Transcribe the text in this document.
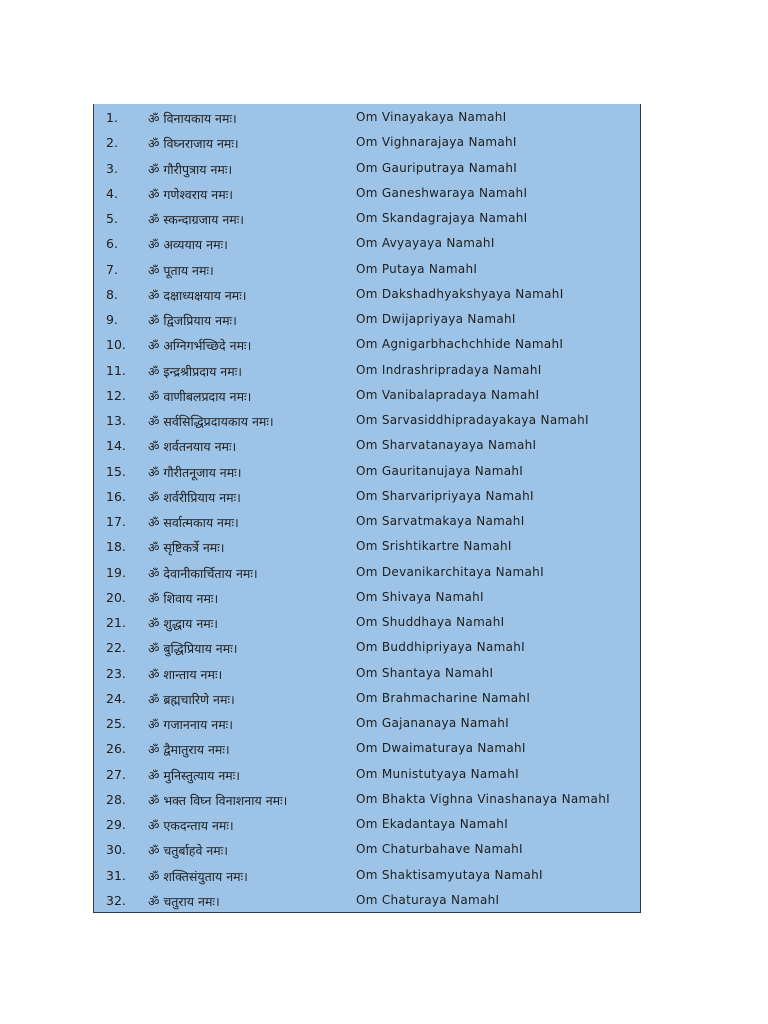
1. ॐ विनायकाय नमः।	Om Vinayakaya NamahI
2. ॐ विघ्नराजाय नमः।	Om Vighnarajaya NamahI
3. ॐ गौरीपुत्राय नमः।	Om Gauriputraya NamahI
4. ॐ गणेश्वराय नमः।	Om Ganeshwaraya NamahI
5. ॐ स्कन्दाग्रजाय नमः।	Om Skandagrajaya NamahI
6. ॐ अव्ययाय नमः।	Om Avyayaya NamahI
7. ॐ पूताय नमः।	Om Putaya NamahI
8. ॐ दक्षाध्यक्षयाय नमः।	Om Dakshadhyakshyaya NamahI
9. ॐ द्विजप्रियाय नमः।	Om Dwijapriyaya NamahI
10. ॐ अग्निगर्भच्छिदे नमः।	Om Agnigarbhachchhide NamahI
11. ॐ इन्द्रश्रीप्रदाय नमः।	Om Indrashripradaya NamahI
12. ॐ वाणीबलप्रदाय नमः।	Om Vanibalapradaya NamahI
13. ॐ सर्वसिद्धिप्रदायकाय नमः।	Om Sarvasiddhipradayakaya NamahI
14. ॐ शर्वतनयाय नमः।	Om Sharvatanayaya NamahI
15. ॐ गौरीतनूजाय नमः।	Om Gauritanujaya NamahI
16. ॐ शर्वरीप्रियाय नमः।	Om Sharvaripriyaya NamahI
17. ॐ सर्वात्मकाय नमः।	Om Sarvatmakaya NamahI
18. ॐ सृष्टिकर्त्रे नमः।	Om Srishtikartre NamahI
19. ॐ देवानीकार्चिताय नमः।	Om Devanikarchitaya NamahI
20. ॐ शिवाय नमः।	Om Shivaya NamahI
21. ॐ शुद्धाय नमः।	Om Shuddhaya NamahI
22. ॐ बुद्धिप्रियाय नमः।	Om Buddhipriyaya NamahI
23. ॐ शान्ताय नमः।	Om Shantaya NamahI
24. ॐ ब्रह्मचारिणे नमः।	Om Brahmacharine NamahI
25. ॐ गजाननाय नमः।	Om Gajananaya NamahI
26. ॐ द्वैमातुराय नमः।	Om Dwaimaturaya NamahI
27. ॐ मुनिस्तुत्याय नमः।	Om Munistutyaya NamahI
28. ॐ भक्त विघ्न विनाशनाय नमः।	Om Bhakta Vighna Vinashanaya NamahI
29. ॐ एकदन्ताय नमः।	Om Ekadantaya NamahI
30. ॐ चतुर्बाहवे नमः।	Om Chaturbahave NamahI
31. ॐ शक्तिसंयुताय नमः।	Om Shaktisamyutaya NamahI
32. ॐ चतुराय नमः।	Om Chaturaya NamahI
